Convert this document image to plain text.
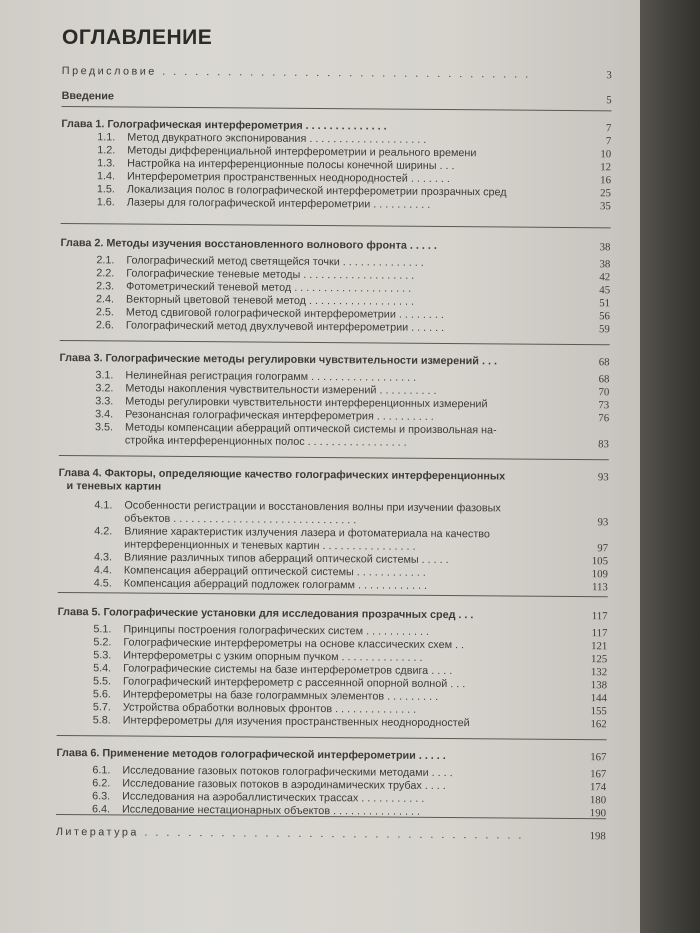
ОГЛАВЛЕНИЕ
Предисловие . . . . . . . . . . . . . . . . . . . . . . . . . . . . . . . . . .	3
Введение	5
Глава 1. Голографическая интерферометрия . . . . . . . . . . . . . .	7
1.1. Метод двукратного экспонирования . . . . . . . . . . . . . . . . . . . .	7
1.2. Методы дифференциальной интерферометрии и реального времени	10
1.3. Настройка на интерференционные полосы конечной ширины . . .	12
1.4. Интерферометрия пространственных неоднородностей . . . . . . .	16
1.5. Локализация полос в голографической интерферометрии прозрачных сред	25
1.6. Лазеры для голографической интерферометрии . . . . . . . . . .	35
Глава 2. Методы изучения восстановленного волнового фронта . . . . .	38
2.1. Голографический метод светящейся точки . . . . . . . . . . . . . .	38
2.2. Голографические теневые методы . . . . . . . . . . . . . . . . . . .	42
2.3. Фотометрический теневой метод . . . . . . . . . . . . . . . . . . . .	45
2.4. Векторный цветовой теневой метод . . . . . . . . . . . . . . . . . .	51
2.5. Метод сдвиговой голографической интерферометрии . . . . . . . .	56
2.6. Голографический метод двухлучевой интерферометрии . . . . . .	59
Глава 3. Голографические методы регулировки чувствительности измерений . . .	68
3.1. Нелинейная регистрация голограмм . . . . . . . . . . . . . . . . . .	68
3.2. Методы накопления чувствительности измерений . . . . . . . . . .	70
3.3. Методы регулировки чувствительности интерференционных измерений	73
3.4. Резонансная голографическая интерферометрия . . . . . . . . . .	76
3.5. Методы компенсации аберраций оптической системы и произвольная на-
стройка интерференционных полос . . . . . . . . . . . . . . . . .	83
Глава 4. Факторы, определяющие качество голографических интерференционных	93
и теневых картин
4.1. Особенности регистрации и восстановления волны при изучении фазовых
объектов . . . . . . . . . . . . . . . . . . . . . . . . . . . . . . .	93
4.2. Влияние характеристик излучения лазера и фотоматериала на качество
интерференционных и теневых картин . . . . . . . . . . . . . . . .	97
4.3. Влияние различных типов аберраций оптической системы . . . . .	105
4.4. Компенсация аберраций оптической системы . . . . . . . . . . . .	109
4.5. Компенсация аберраций подложек голограмм . . . . . . . . . . . .	113
Глава 5. Голографические установки для исследования прозрачных сред . . .	117
5.1. Принципы построения голографических систем . . . . . . . . . . .	117
5.2. Голографические интерферометры на основе классических схем . .	121
5.3. Интерферометры с узким опорным пучком . . . . . . . . . . . . . .	125
5.4. Голографические системы на базе интерферометров сдвига . . . .	132
5.5. Голографический интерферометр с рассеянной опорной волной . . .	138
5.6. Интерферометры на базе голограммных элементов . . . . . . . . .	144
5.7. Устройства обработки волновых фронтов . . . . . . . . . . . . . .	155
5.8. Интерферометры для изучения пространственных неоднородностей	162
Глава 6. Применение методов голографической интерферометрии . . . . .	167
6.1. Исследование газовых потоков голографическими методами . . . .	167
6.2. Исследование газовых потоков в аэродинамических трубах . . . .	174
6.3. Исследования на аэробаллистических трассах . . . . . . . . . . .	180
6.4. Исследование нестационарных объектов . . . . . . . . . . . . . . .	190
Литература . . . . . . . . . . . . . . . . . . . . . . . . . . . . . . . . . . .	198
